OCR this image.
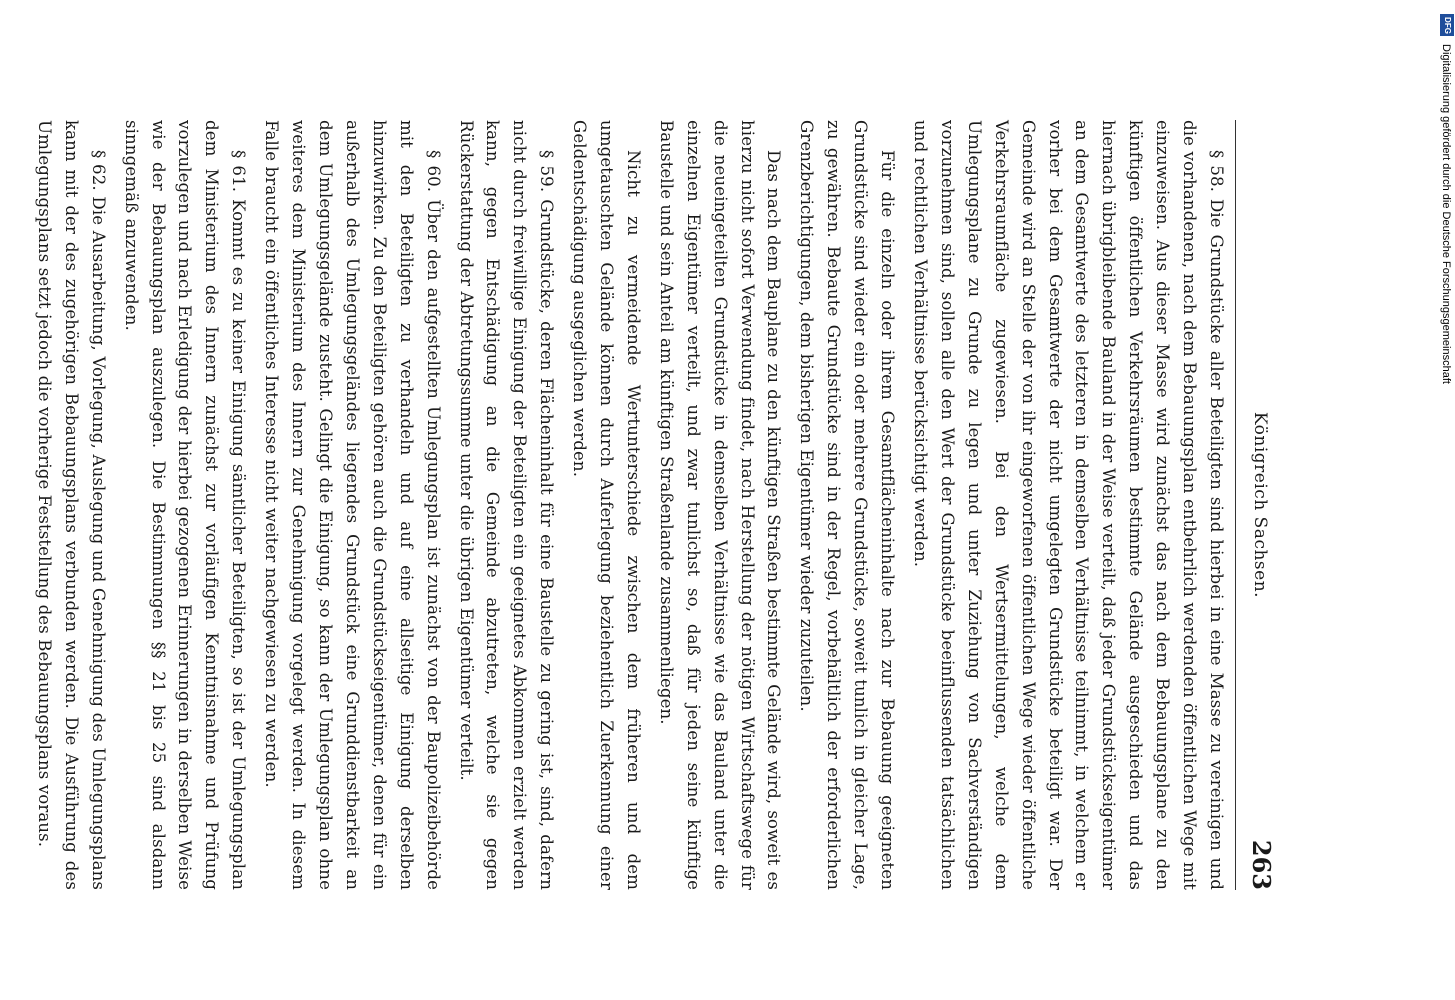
Königreich Sachsen.
263

§ 58. Die Grundstücke aller Beteiligten sind hierbei in eine Masse zu vereinigen und die vorhandenen, nach dem Bebauungsplan entbehrlich werdenden öffentlichen Wege mit einzuweisen. Aus dieser Masse wird zunächst das nach dem Bebauungsplane zu den künftigen öffentlichen Verkehrsräumen bestimmte Gelände ausgeschieden und das hiernach übrigbleibende Bauland in der Weise verteilt, daß jeder Grundstückseigentümer an dem Gesamtwerte des letzteren in demselben Verhältnisse teilnimmt, in welchem er vorher bei dem Gesamtwerte der nicht umgelegten Grundstücke beteiligt war. Der Gemeinde wird an Stelle der von ihr eingeworfenen öffentlichen Wege wieder öffentliche Verkehrsraumfläche zugewiesen. Bei den Wertsermittelungen, welche dem Umlegungsplane zu Grunde zu legen und unter Zuziehung von Sachverständigen vorzunehmen sind, sollen alle den Wert der Grundstücke beeinflussenden tatsächlichen und rechtlichen Verhältnisse berücksichtigt werden.

Für die einzeln oder ihrem Gesamtflächeninhalte nach zur Bebauung geeigneten Grundstücke sind wieder ein oder mehrere Grundstücke, soweit tunlich in gleicher Lage, zu gewähren. Bebaute Grundstücke sind in der Regel, vorbehältlich der erforderlichen Grenzberichtigungen, dem bisherigen Eigentümer wieder zuzuteilen.

Das nach dem Bauplane zu den künftigen Straßen bestimmte Gelände wird, soweit es hierzu nicht sofort Verwendung findet, nach Herstellung der nötigen Wirtschaftswege für die neueingeteilten Grundstücke in demselben Verhältnisse wie das Bauland unter die einzelnen Eigentümer verteilt, und zwar tunlichst so, daß für jeden seine künftige Baustelle und sein Anteil am künftigen Straßenlande zusammenliegen.

Nicht zu vermeidende Wertunterschiede zwischen dem früheren und dem umgetauschten Gelände können durch Auferlegung beziehentlich Zuerkennung einer Geldentschädigung ausgeglichen werden.

§ 59. Grundstücke, deren Flächeninhalt für eine Baustelle zu gering ist, sind, dafern nicht durch freiwillige Einigung der Beteiligten ein geeignetes Abkommen erzielt werden kann, gegen Entschädigung an die Gemeinde abzutreten, welche sie gegen Rückerstattung der Abtretungssumme unter die übrigen Eigentümer verteilt.

§ 60. Über den aufgestellten Umlegungsplan ist zunächst von der Baupolizeibehörde mit den Beteiligten zu verhandeln und auf eine allseitige Einigung derselben hinzuwirken. Zu den Beteiligten gehören auch die Grundstückseigentümer, denen für ein außerhalb des Umlegungsgeländes liegendes Grundstück eine Grunddienstbarkeit an dem Umlegungsgelände zusteht. Gelingt die Einigung, so kann der Umlegungsplan ohne weiteres dem Ministerium des Innern zur Genehmigung vorgelegt werden. In diesem Falle braucht ein öffentliches Interesse nicht weiter nachgewiesen zu werden.

§ 61. Kommt es zu keiner Einigung sämtlicher Beteiligten, so ist der Umlegungsplan dem Ministerium des Innern zunächst zur vorläufigen Kenntnisnahme und Prüfung vorzulegen und nach Erledigung der hierbei gezogenen Erinnerungen in derselben Weise wie der Bebauungsplan auszulegen. Die Bestimmungen §§ 21 bis 25 sind alsdann sinngemäß anzuwenden.

§ 62. Die Ausarbeitung, Vorlegung, Auslegung und Genehmigung des Umlegungsplans kann mit der des zugehörigen Bebauungsplans verbunden werden. Die Ausführung des Umlegungsplans setzt jedoch die vorherige Feststellung des Bebauungsplans voraus.

DFG
Digitalisierung gefördert durch die Deutsche Forschungsgemeinschaft
